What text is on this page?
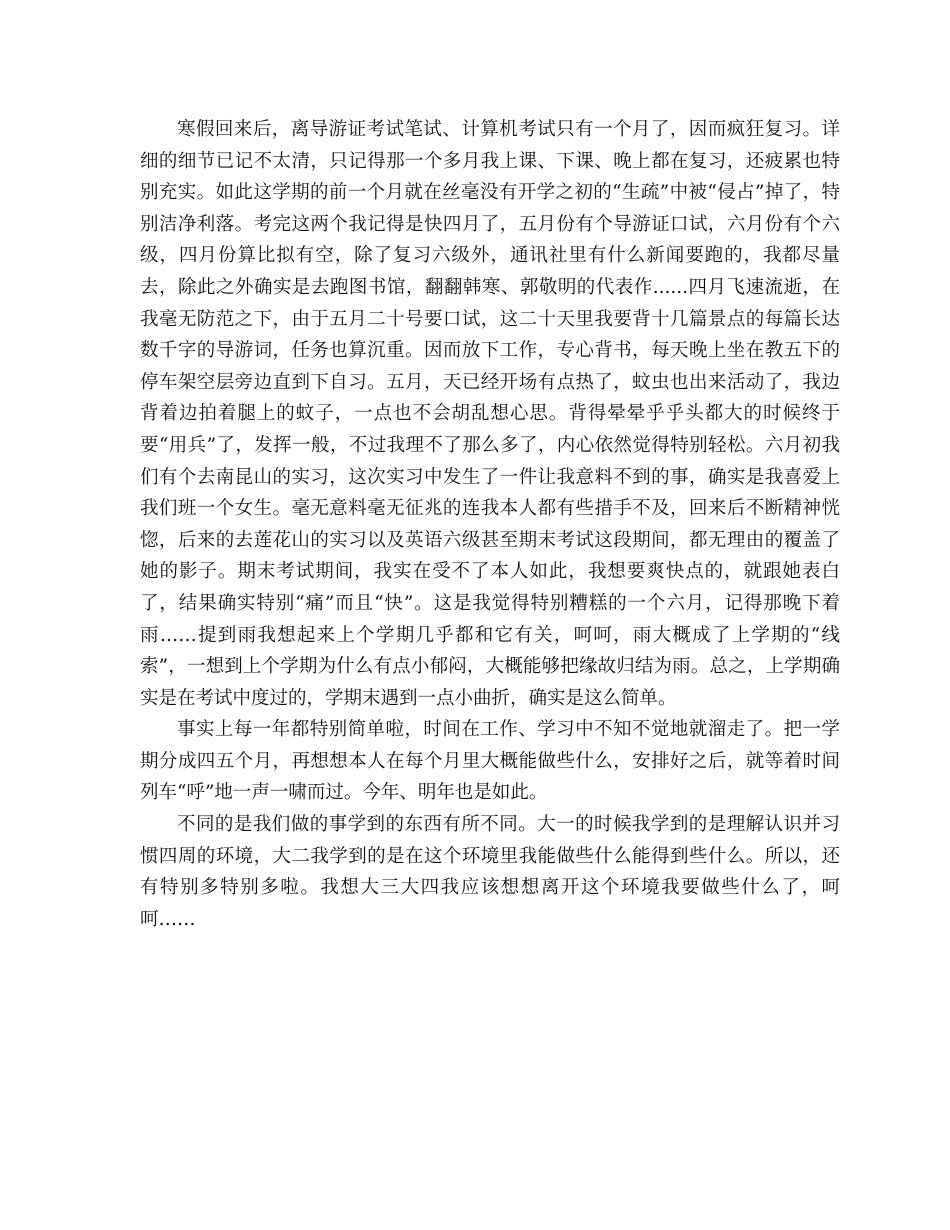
寒假回来后，离导游证考试笔试、计算机考试只有一个月了，因而疯狂复习。详细的细节已记不太清，只记得那一个多月我上课、下课、晚上都在复习，还疲累也特别充实。如此这学期的前一个月就在丝毫没有开学之初的“生疏”中被“侵占”掉了，特别洁净利落。考完这两个我记得是快四月了，五月份有个导游证口试，六月份有个六级，四月份算比拟有空，除了复习六级外，通讯社里有什么新闻要跑的，我都尽量去，除此之外确实是去跑图书馆，翻翻韩寒、郭敬明的代表作......四月飞速流逝，在我毫无防范之下，由于五月二十号要口试，这二十天里我要背十几篇景点的每篇长达数千字的导游词，任务也算沉重。因而放下工作，专心背书，每天晚上坐在教五下的停车架空层旁边直到下自习。五月，天已经开场有点热了，蚊虫也出来活动了，我边背着边拍着腿上的蚊子，一点也不会胡乱想心思。背得晕晕乎乎头都大的时候终于要“用兵”了，发挥一般，不过我理不了那么多了，内心依然觉得特别轻松。六月初我们有个去南昆山的实习，这次实习中发生了一件让我意料不到的事，确实是我喜爱上我们班一个女生。毫无意料毫无征兆的连我本人都有些措手不及，回来后不断精神恍惚，后来的去莲花山的实习以及英语六级甚至期末考试这段期间，都无理由的覆盖了她的影子。期末考试期间，我实在受不了本人如此，我想要爽快点的，就跟她表白了，结果确实特别“痛”而且“快”。这是我觉得特别糟糕的一个六月，记得那晚下着雨……提到雨我想起来上个学期几乎都和它有关，呵呵，雨大概成了上学期的“线索”，一想到上个学期为什么有点小郁闷，大概能够把缘故归结为雨。总之，上学期确实是在考试中度过的，学期末遇到一点小曲折，确实是这么简单。

事实上每一年都特别简单啦，时间在工作、学习中不知不觉地就溜走了。把一学期分成四五个月，再想想本人在每个月里大概能做些什么，安排好之后，就等着时间列车“呼”地一声一啸而过。今年、明年也是如此。

不同的是我们做的事学到的东西有所不同。大一的时候我学到的是理解认识并习惯四周的环境，大二我学到的是在这个环境里我能做些什么能得到些什么。所以，还有特别多特别多啦。我想大三大四我应该想想离开这个环境我要做些什么了，呵呵……
